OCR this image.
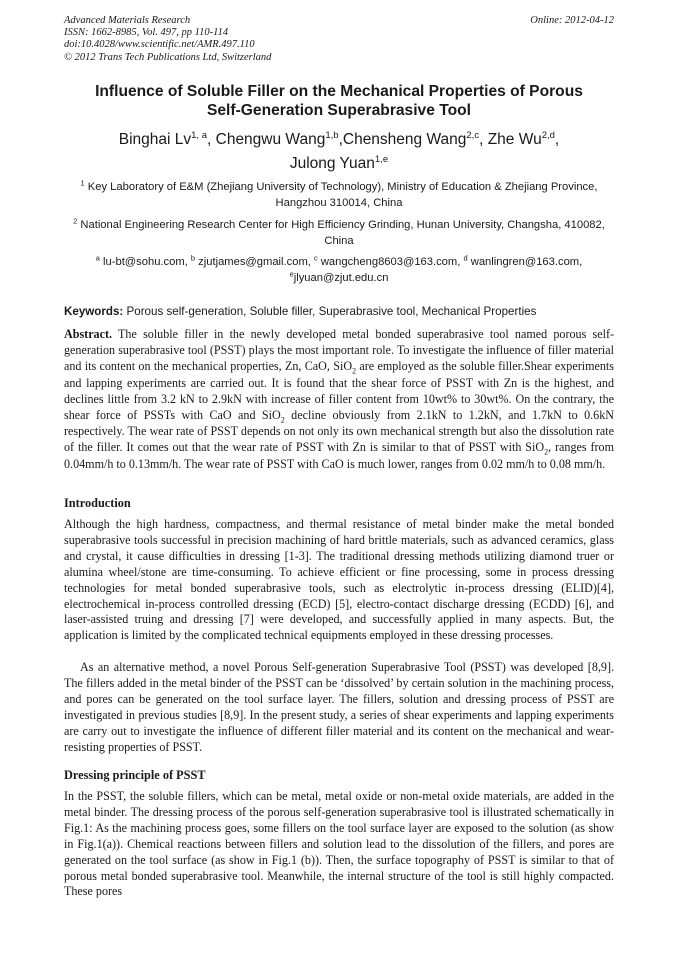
Advanced Materials Research
ISSN: 1662-8985, Vol. 497, pp 110-114
doi:10.4028/www.scientific.net/AMR.497.110
© 2012 Trans Tech Publications Ltd, Switzerland
Online: 2012-04-12
Influence of Soluble Filler on the Mechanical Properties of Porous
Self-Generation Superabrasive Tool
Binghai Lv$^{1, a}$, Chengwu Wang$^{1,b}$,Chensheng Wang$^{2,c}$, Zhe Wu$^{2,d}$,
Julong Yuan$^{1,e}$
$^1$ Key Laboratory of E&M (Zhejiang University of Technology), Ministry of Education & Zhejiang Province, Hangzhou 310014, China
$^2$ National Engineering Research Center for High Efficiency Grinding, Hunan University, Changsha, 410082, China
$^a$ lu-bt@sohu.com, $^b$ zjutjames@gmail.com, $^c$ wangcheng8603@163.com, $^d$ wanlingren@163.com,
$^e$jlyuan@zjut.edu.cn
Keywords: Porous self-generation, Soluble filler, Superabrasive tool, Mechanical Properties
Abstract. The soluble filler in the newly developed metal bonded superabrasive tool named porous self-generation superabrasive tool (PSST) plays the most important role. To investigate the influence of filler material and its content on the mechanical properties, Zn, CaO, SiO$_2$ are employed as the soluble filler.Shear experiments and lapping experiments are carried out. It is found that the shear force of PSST with Zn is the highest, and declines little from 3.2 kN to 2.9kN with increase of filler content from 10wt% to 30wt%. On the contrary, the shear force of PSSTs with CaO and SiO$_2$ decline obviously from 2.1kN to 1.2kN, and 1.7kN to 0.6kN respectively. The wear rate of PSST depends on not only its own mechanical strength but also the dissolution rate of the filler. It comes out that the wear rate of PSST with Zn is similar to that of PSST with SiO$_2$, ranges from 0.04mm/h to 0.13mm/h. The wear rate of PSST with CaO is much lower, ranges from 0.02 mm/h to 0.08 mm/h.
Introduction
Although the high hardness, compactness, and thermal resistance of metal binder make the metal bonded superabrasive tools successful in precision machining of hard brittle materials, such as advanced ceramics, glass and crystal, it cause difficulties in dressing [1-3]. The traditional dressing methods utilizing diamond truer or alumina wheel/stone are time-consuming. To achieve efficient or fine processing, some in process dressing technologies for metal bonded superabrasive tools, such as electrolytic in-process dressing (ELID)[4], electrochemical in-process controlled dressing (ECD) [5], electro-contact discharge dressing (ECDD) [6], and laser-assisted truing and dressing [7] were developed, and successfully applied in many aspects. But, the application is limited by the complicated technical equipments employed in these dressing processes.
As an alternative method, a novel Porous Self-generation Superabrasive Tool (PSST) was developed [8,9]. The fillers added in the metal binder of the PSST can be ‘dissolved’ by certain solution in the machining process, and pores can be generated on the tool surface layer. The fillers, solution and dressing process of PSST are investigated in previous studies [8,9]. In the present study, a series of shear experiments and lapping experiments are carry out to investigate the influence of different filler material and its content on the mechanical and wear-resisting properties of PSST.
Dressing principle of PSST
In the PSST, the soluble fillers, which can be metal, metal oxide or non-metal oxide materials, are added in the metal binder. The dressing process of the porous self-generation superabrasive tool is illustrated schematically in Fig.1: As the machining process goes, some fillers on the tool surface layer are exposed to the solution (as show in Fig.1(a)). Chemical reactions between fillers and solution lead to the dissolution of the fillers, and pores are generated on the tool surface (as show in Fig.1 (b)). Then, the surface topography of PSST is similar to that of porous metal bonded superabrasive tool. Meanwhile, the internal structure of the tool is still highly compacted. These pores
